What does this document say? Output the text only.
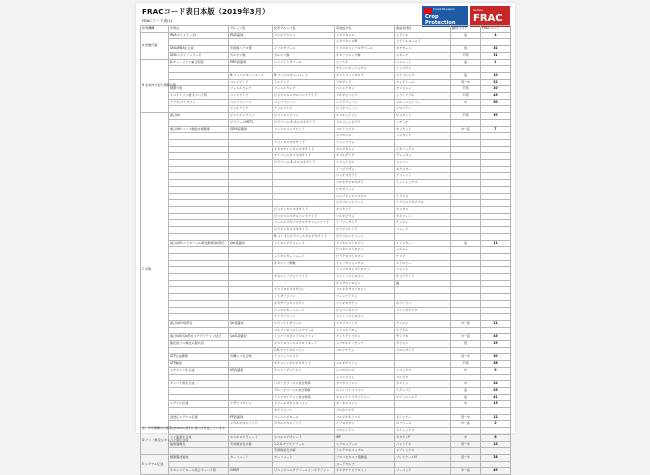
FRACコード表日本版（2019年3月）
FRACコード表(1)
CropLife Japan
Crop
Protection
Global
FRAC
作用機構	作用点	グループ名	化学グループ名	有効成分名	商品名(例)	耐性リスク	FRACコード
A 核酸代謝	RNAポリメラーゼI	PA殺菌剤	アシルアラニン	メタラキシル	リドミル	高	4
				メタラキシルM	リドミルゴールド		
	DNA/RNA生合成	芳香族ヘテロ環	イソキサゾール	ヒドロキシイソキサゾール	タチガレン	低	32
	DNAトポイソメラーゼ	カルボン酸	カルボン酸	オキソリニック酸	スターナ	不明	31
B 有糸核分裂と細胞分裂	β-チューブリン重合阻害	MBC殺菌剤	ベンゾイミダゾール	ベノミル	ベンレート	高	1
				チオファネートメチル	トップジン		
		N-フェニルカーバメート	N-フェニルカーバメート	ジエトフェンカルブ	スミブレンド	高	10
		ベンズアミド	トルアミド	ゾキサミド	エレクトール	低~中	22
	細胞分裂	フェニルウレア	フェニルウレア	ペンシクロン	モンセレン	不明	20
	スペクトリン様タンパク質	ベンズアミド	ピリジニルメチルベンズアミド	フルオピコリド	リライアブル	不明	43
	アクチン/ミオシン	ベンゾフェノン	ベンゾフェノン	メトラフェノン	フルーツセイバー	中	50
		アリルアミド	アリルアミド	ピリオフェノン	プロパティ		
C 呼吸	複合体I	ピリミジンアミン	ピリミジンアミン	ジフルメトリム	ピリカット	不明	39
		ピラゾールMET1	ピラゾール-5-カルボキサミド	トルフェンピラド	ハチハチ		
	複合体II:コハク酸脱水素酵素	SDHI殺菌剤	フェニルベンズアミド	フルトラニル	モンカット	中~高	7
				メプロニル	バシタック		
			フランカルボキサミド	フェンフラム			
			オキサチインカルボキサミド	カルボキシン	ビタバックス		
			チアゾールカルボキサミド	チフルザミド	グレータム		
			ピラゾール-4-カルボキサミド	フラメトピル	リンバー		
				イソピラザム	ネクスター		
				ペンチオピラド	アフェット		
				フルキサピロキサド	イントレックス		
				ビキサフェン			
				ベンゾビンジフルピル	ミラビス		
				ピジフルメトフェン	ミラビスフロアブル		
			ピリジンカルボキサミド	ボスカリド	カンタス		
			ピリジニルエチルベンズアミド	フルオピラム	オルフィン		
			フェニルオキソエチルチオフェンアミド	イソフェタミド	ケンジャ		
			ピラジンカルボキサミド	ピラジフルミド	パレード		
			N-メトキシピラゾールカルボキサミド	ピドフルメトフェン			
	複合体III:ユビキノール酸化酵素Qo部位	QoI殺菌剤	メトキシアクリレート	アゾキシストロビン	アミスター	高	11
				ピコキシストロビン	メジャー		
			メトキシカーバメート	ピラクロストロビン	ナリア		
			オキシミノ酢酸	クレソキシムメチル	ストロビー		
				トリフロキシストロビン	フリント		
			オキシミノアセトアミド	メトミノストロビン	オリブライト		
				オリサストロビン	嵐		
			ジヒドロジオキサジン	フルオキサストロビン			
			イミダゾリノン	フェンアミドン			
			オキサゾリジンジオン	ファモキサドン	ホライズン		
			ベンジルカーバメート	ピリベンカルブ	ファンタジスタ		
			テトラゾリノン	メトミノストロビン			
	複合体III:Qi部位	QiI殺菌剤	シアノイミダゾール	シアゾファミド	ランマン	中~高	21
			スルファモイルトリアゾール	アミスルブロム	オラクル		
	複合体III:Qo部位スチグマテリン結合	QoSI殺菌剤	トリアゾロピリミジルアミン	アメトクトラジン	ザンプロ	中~高	45
	酸化的リン酸化の脱共役		ジニトロフェニルクロトネート	メプチルジノカップ	カラセン	低	29
			2,6-ジニトロアニリン	フルアジナム	フロンサイド		
	ATP合成酵素	有機スズ化合物	トリフェニルスズ			低~中	30
	ATP輸送		チオフェンカルボキサミド	シルチオファム		不明	38
	メチオニン生合成	AP殺菌剤	アニリノピリミジン	シプロジニル	ユニックス	中	9
				メパニピリム	フルピカ		
	タンパク質生合成		ヘキソピラノシル抗生物質	カスガマイシン	カスミン	中	24
			グルコピラノシル抗生物質	ストレプトマイシン	アグレプト	高	25
			テトラサイクリン抗生物質	オキシテトラサイクリン	マイコシールド	高	41
	シグナル伝達	アザナフタレン	アリールオキシキノリン	キノキシフェン		中	13
			キナゾリノン	プロキナジド			
	浸透圧シグナル伝達	PP殺菌剤	フェニルピロール	フルジオキソニル	セイビアー	低~中	12
		ジカルボキシイミド	ジカルボキシイミド	イプロジオン	ロブラール	中~高	2
D アミノ酸及びタンパク質生合成				プロシミドン	スミレックス		
	リン脂質生合成	ホスホロチオレート	ホスホロチオレート	IBP	キタジンP	中	6
	脂質過酸化	芳香族炭化水素	1,2,4-チアジアゾール	エクロメゾール	パンソイル	低~中	14
			芳香族炭化水素	トルクロホスメチル	リゾレックス		
E シグナル伝達	細胞膜透過性	カーバメート	カーバメート	プロパモカルブ塩酸塩	プレビクールN	低~中	28
				ヨードカルブ			
	オキシステロール結合タンパク質	OSBPI	ピペリジニルチアゾールイソキサゾリン	オキサチアピプロリン	ゾーベック	中~高	49
注）作用機構の分類等はFRACの資料に基づき作成しています。
